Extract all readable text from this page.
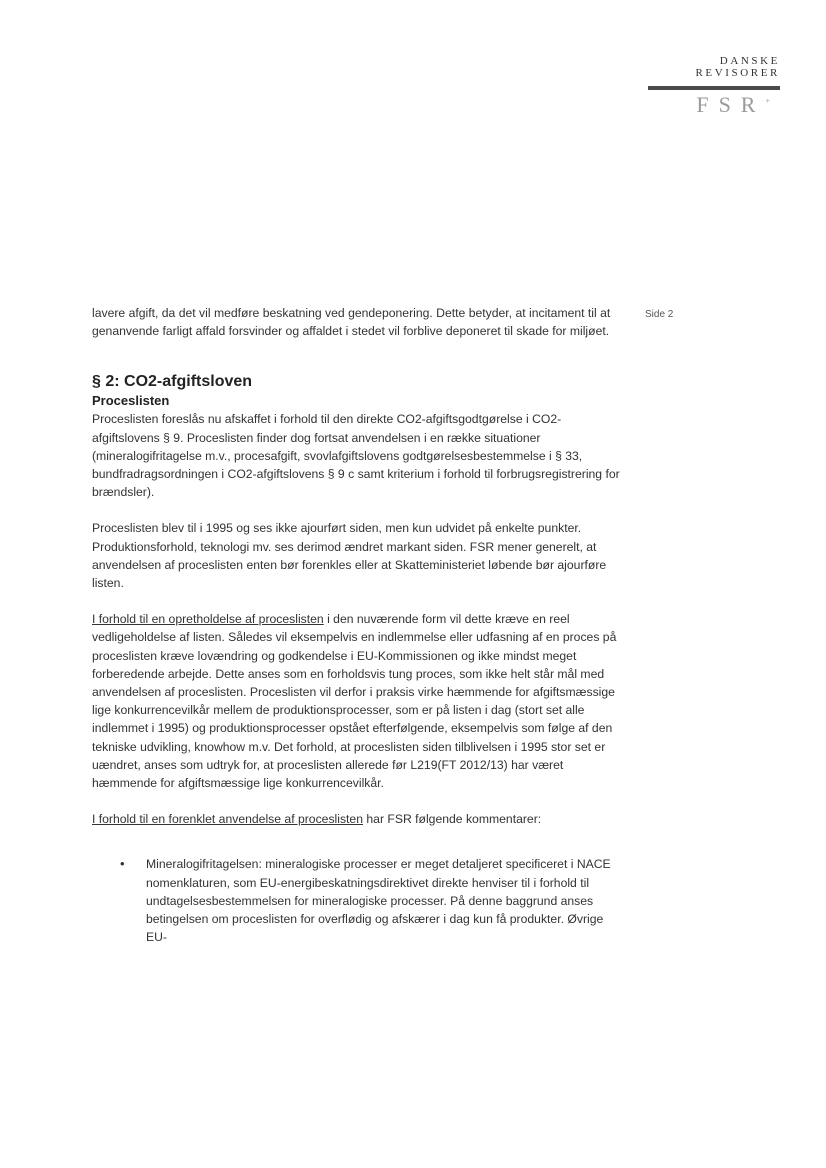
DANSKE
REVISORER
FSR+
Side 2

lavere afgift, da det vil medføre beskatning ved gendeponering. Dette betyder, at incitament til at genanvende farligt affald forsvinder og affaldet i stedet vil forblive deponeret til skade for miljøet.

§ 2: CO2-afgiftsloven
Proceslisten

Proceslisten foreslås nu afskaffet i forhold til den direkte CO2-afgiftsgodtgørelse i CO2-afgiftslovens § 9. Proceslisten finder dog fortsat anvendelsen i en række situationer (mineralogifritagelse m.v., procesafgift, svovlafgiftslovens godtgørelsesbestemmelse i § 33, bundfradragsordningen i CO2-afgiftslovens § 9 c samt kriterium i forhold til forbrugsregistrering for brændsler).

Proceslisten blev til i 1995 og ses ikke ajourført siden, men kun udvidet på enkelte punkter. Produktionsforhold, teknologi mv. ses derimod ændret markant siden. FSR mener generelt, at anvendelsen af proceslisten enten bør forenkles eller at Skatteministeriet løbende bør ajourføre listen.

I forhold til en opretholdelse af proceslisten i den nuværende form vil dette kræve en reel vedligeholdelse af listen. Således vil eksempelvis en indlemmelse eller udfasning af en proces på proceslisten kræve lovændring og godkendelse i EU-Kommissionen og ikke mindst meget forberedende arbejde. Dette anses som en forholdsvis tung proces, som ikke helt står mål med anvendelsen af proceslisten. Proceslisten vil derfor i praksis virke hæmmende for afgiftsmæssige lige konkurrencevilkår mellem de produktionsprocesser, som er på listen i dag (stort set alle indlemmet i 1995) og produktionsprocesser opstået efterfølgende, eksempelvis som følge af den tekniske udvikling, knowhow m.v. Det forhold, at proceslisten siden tilblivelsen i 1995 stor set er uændret, anses som udtryk for, at proceslisten allerede før L219(FT 2012/13) har været hæmmende for afgiftsmæssige lige konkurrencevilkår.

I forhold til en forenklet anvendelse af proceslisten har FSR følgende kommentarer:

• Mineralogifritagelsen: mineralogiske processer er meget detaljeret specificeret i NACE nomenklaturen, som EU-energibeskatningsdirektivet direkte henviser til i forhold til undtagelsesbestemmelsen for mineralogiske processer. På denne baggrund anses betingelsen om proceslisten for overflødig og afskærer i dag kun få produkter. Øvrige EU-
